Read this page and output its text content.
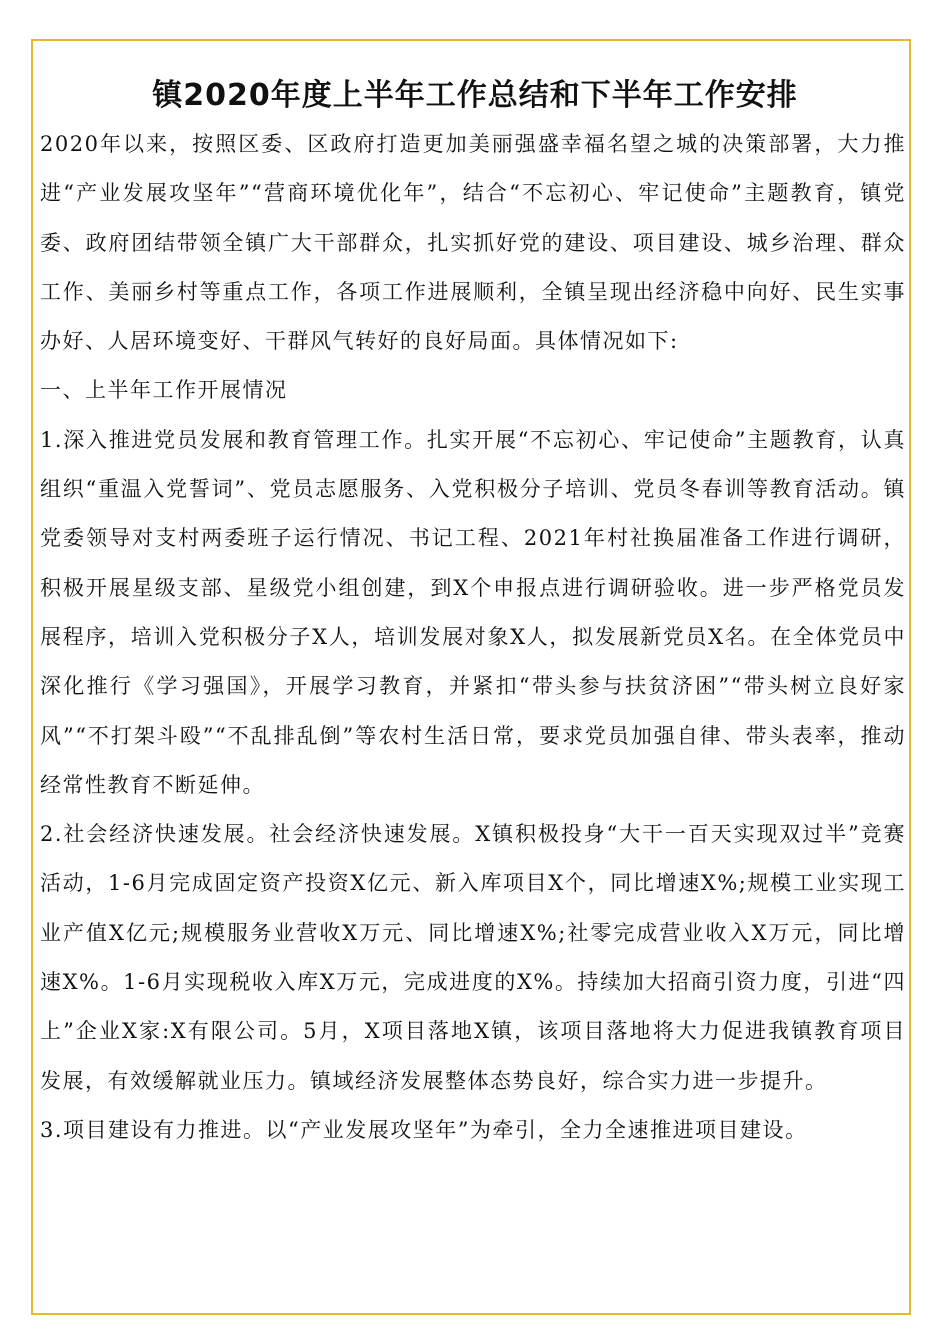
镇2020年度上半年工作总结和下半年工作安排

2020年以来，按照区委、区政府打造更加美丽强盛幸福名望之城的决策部署，大力推进“产业发展攻坚年”“营商环境优化年”，结合“不忘初心、牢记使命”主题教育，镇党委、政府团结带领全镇广大干部群众，扎实抓好党的建设、项目建设、城乡治理、群众工作、美丽乡村等重点工作，各项工作进展顺利，全镇呈现出经济稳中向好、民生实事办好、人居环境变好、干群风气转好的良好局面。具体情况如下:

一、上半年工作开展情况

1.深入推进党员发展和教育管理工作。扎实开展“不忘初心、牢记使命”主题教育，认真组织“重温入党誓词”、党员志愿服务、入党积极分子培训、党员冬春训等教育活动。镇党委领导对支村两委班子运行情况、书记工程、2021年村社换届准备工作进行调研，积极开展星级支部、星级党小组创建，到X个申报点进行调研验收。进一步严格党员发展程序，培训入党积极分子X人，培训发展对象X人，拟发展新党员X名。在全体党员中深化推行《学习强国》，开展学习教育，并紧扣“带头参与扶贫济困”“带头树立良好家风”“不打架斗殴”“不乱排乱倒”等农村生活日常，要求党员加强自律、带头表率，推动经常性教育不断延伸。

2.社会经济快速发展。社会经济快速发展。X镇积极投身“大干一百天实现双过半”竞赛活动，1-6月完成固定资产投资X亿元、新入库项目X个，同比增速X%;规模工业实现工业产值X亿元;规模服务业营收X万元、同比增速X%;社零完成营业收入X万元，同比增速X%。1-6月实现税收入库X万元，完成进度的X%。持续加大招商引资力度，引进“四上”企业X家:X有限公司。5月，X项目落地X镇，该项目落地将大力促进我镇教育项目发展，有效缓解就业压力。镇域经济发展整体态势良好，综合实力进一步提升。

3.项目建设有力推进。以“产业发展攻坚年”为牵引，全力全速推进项目建设。
